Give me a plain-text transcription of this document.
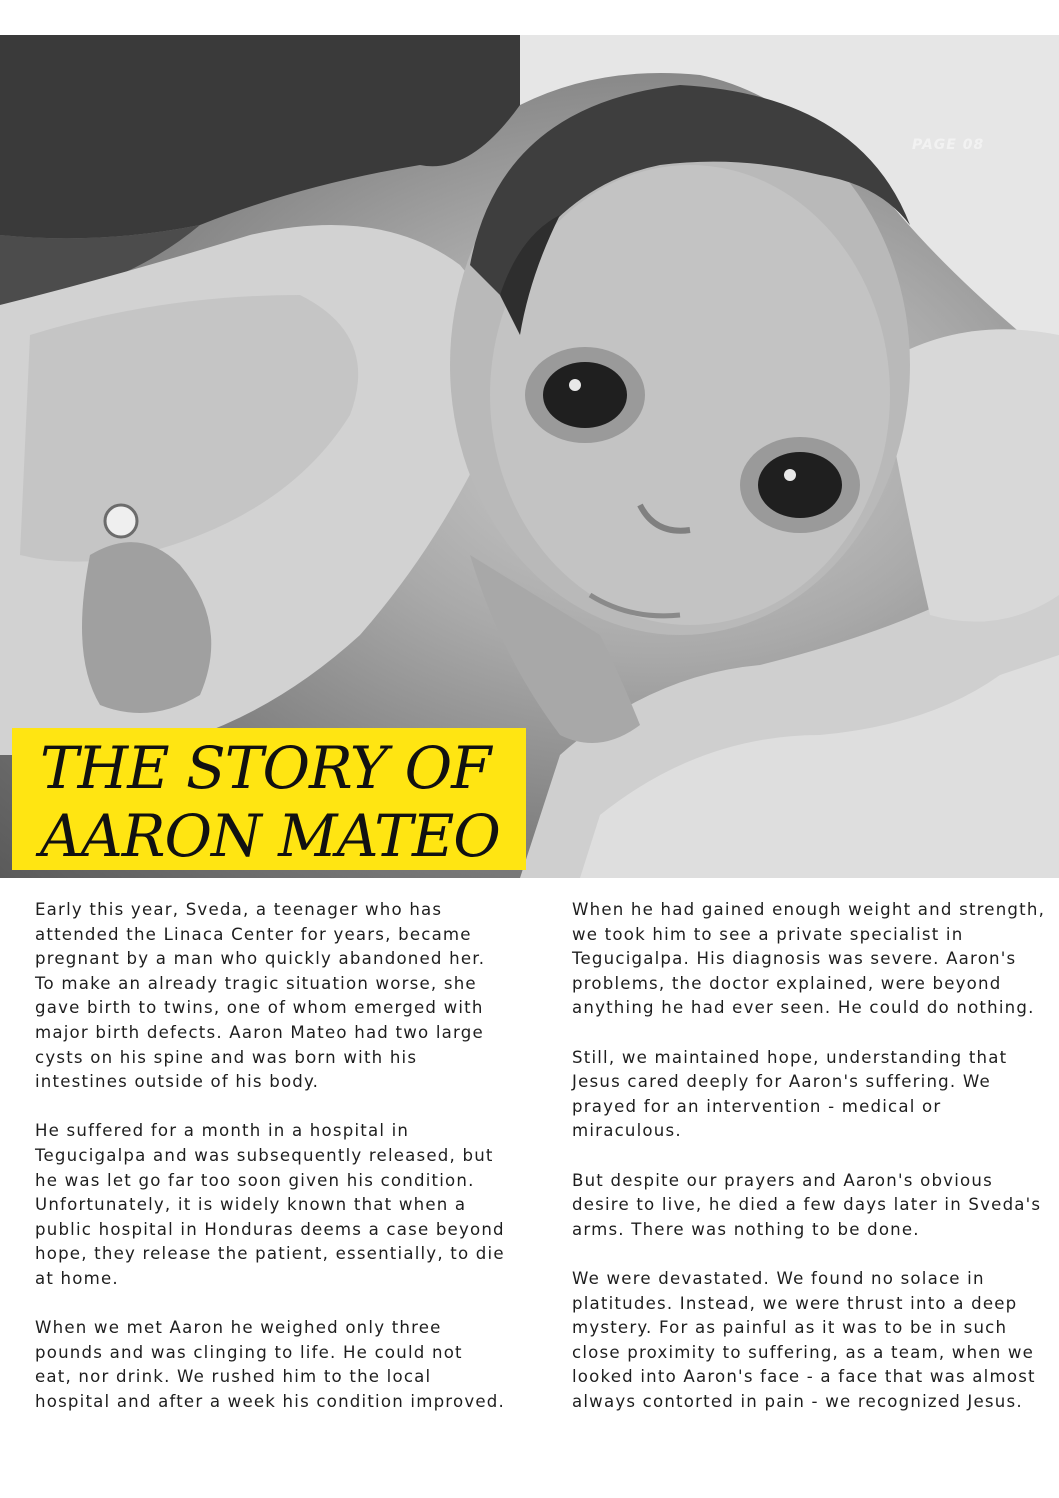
PAGE 08
THE STORY OF
AARON MATEO

Early this year, Sveda, a teenager who has attended the Linaca Center for years, became pregnant by a man who quickly abandoned her. To make an already tragic situation worse, she gave birth to twins, one of whom emerged with major birth defects. Aaron Mateo had two large cysts on his spine and was born with his intestines outside of his body.

He suffered for a month in a hospital in Tegucigalpa and was subsequently released, but he was let go far too soon given his condition. Unfortunately, it is widely known that when a public hospital in Honduras deems a case beyond hope, they release the patient, essentially, to die at home.

When we met Aaron he weighed only three pounds and was clinging to life. He could not eat, nor drink. We rushed him to the local hospital and after a week his condition improved.

When he had gained enough weight and strength, we took him to see a private specialist in Tegucigalpa. His diagnosis was severe. Aaron's problems, the doctor explained, were beyond anything he had ever seen. He could do nothing.

Still, we maintained hope, understanding that Jesus cared deeply for Aaron's suffering. We prayed for an intervention - medical or miraculous.

But despite our prayers and Aaron's obvious desire to live, he died a few days later in Sveda's arms. There was nothing to be done.

We were devastated. We found no solace in platitudes. Instead, we were thrust into a deep mystery. For as painful as it was to be in such close proximity to suffering, as a team, when we looked into Aaron's face - a face that was almost always contorted in pain - we recognized Jesus.
